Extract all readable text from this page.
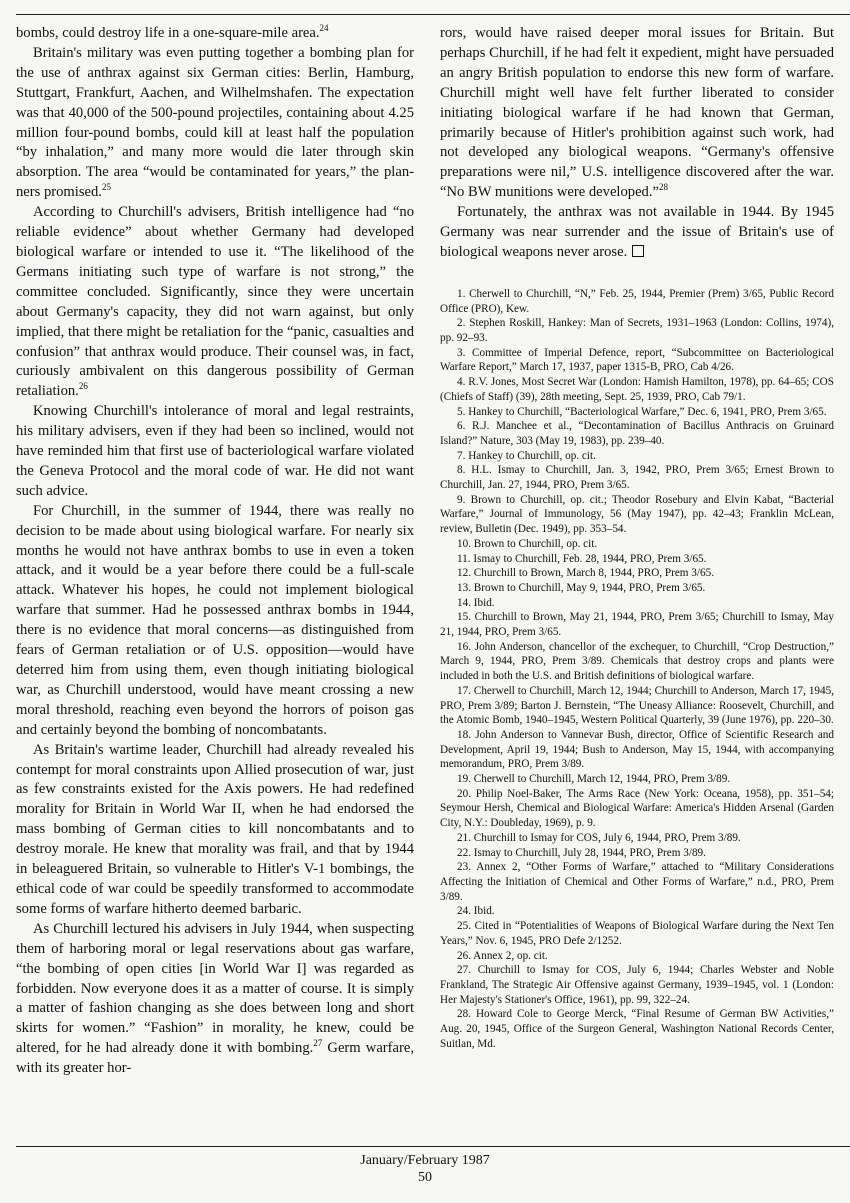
bombs, could destroy life in a one-square-mile area.$^{24}$

Britain's military was even putting together a bombing plan for the use of anthrax against six German cities: Berlin, Hamburg, Stuttgart, Frankfurt, Aachen, and Wilhelmshafen. The expectation was that 40,000 of the 500-pound projectiles, containing about 4.25 million four-pound bombs, could kill at least half the population “by inhalation,” and many more would die later through skin absorption. The area “would be contaminated for years,” the planners promised.$^{25}$

According to Churchill's advisers, British intelligence had “no reliable evidence” about whether Germany had developed biological warfare or intended to use it. “The likelihood of the Germans initiating such type of warfare is not strong,” the committee concluded. Significantly, since they were uncertain about Germany's capacity, they did not warn against, but only implied, that there might be retaliation for the “panic, casualties and confusion” that anthrax would produce. Their counsel was, in fact, curiously ambivalent on this dangerous possibility of German retaliation.$^{26}$

Knowing Churchill's intolerance of moral and legal restraints, his military advisers, even if they had been so inclined, would not have reminded him that first use of bacteriological warfare violated the Geneva Protocol and the moral code of war. He did not want such advice.

For Churchill, in the summer of 1944, there was really no decision to be made about using biological warfare. For nearly six months he would not have anthrax bombs to use in even a token attack, and it would be a year before there could be a full-scale attack. Whatever his hopes, he could not implement biological warfare that summer. Had he possessed anthrax bombs in 1944, there is no evidence that moral concerns—as distinguished from fears of German retaliation or of U.S. opposition—would have deterred him from using them, even though initiating biological war, as Churchill understood, would have meant crossing a new moral threshold, reaching even beyond the horrors of poison gas and certainly beyond the bombing of noncombatants.

As Britain's wartime leader, Churchill had already revealed his contempt for moral constraints upon Allied prosecution of war, just as few constraints existed for the Axis powers. He had redefined morality for Britain in World War II, when he had endorsed the mass bombing of German cities to kill noncombatants and to destroy morale. He knew that morality was frail, and that by 1944 in beleaguered Britain, so vulnerable to Hitler's V-1 bombings, the ethical code of war could be speedily transformed to accommodate some forms of warfare hitherto deemed barbaric.

As Churchill lectured his advisers in July 1944, when suspecting them of harboring moral or legal reservations about gas warfare, “the bombing of open cities [in World War I] was regarded as forbidden. Now everyone does it as a matter of course. It is simply a matter of fashion changing as she does between long and short skirts for women.” “Fashion” in morality, he knew, could be altered, for he had already done it with bombing.$^{27}$ Germ warfare, with its greater hor-

rors, would have raised deeper moral issues for Britain. But perhaps Churchill, if he had felt it expedient, might have persuaded an angry British population to endorse this new form of warfare. Churchill might well have felt further liberated to consider initiating biological warfare if he had known that German, primarily because of Hitler's prohibition against such work, had not developed any biological weapons. “Germany's offensive preparations were nil,” U.S. intelligence discovered after the war. “No BW munitions were developed.”$^{28}$

Fortunately, the anthrax was not available in 1944. By 1945 Germany was near surrender and the issue of Britain's use of biological weapons never arose.

1. Cherwell to Churchill, “N,” Feb. 25, 1944, Premier (Prem) 3/65, Public Record Office (PRO), Kew.

2. Stephen Roskill, Hankey: Man of Secrets, 1931–1963 (London: Collins, 1974), pp. 92–93.

3. Committee of Imperial Defence, report, “Subcommittee on Bacteriological Warfare Report,” March 17, 1937, paper 1315-B, PRO, Cab 4/26.

4. R.V. Jones, Most Secret War (London: Hamish Hamilton, 1978), pp. 64–65; COS (Chiefs of Staff) (39), 28th meeting, Sept. 25, 1939, PRO, Cab 79/1.

5. Hankey to Churchill, “Bacteriological Warfare,” Dec. 6, 1941, PRO, Prem 3/65.

6. R.J. Manchee et al., “Decontamination of Bacillus Anthracis on Gruinard Island?” Nature, 303 (May 19, 1983), pp. 239–40.

7. Hankey to Churchill, op. cit.

8. H.L. Ismay to Churchill, Jan. 3, 1942, PRO, Prem 3/65; Ernest Brown to Churchill, Jan. 27, 1944, PRO, Prem 3/65.

9. Brown to Churchill, op. cit.; Theodor Rosebury and Elvin Kabat, “Bacterial Warfare,” Journal of Immunology, 56 (May 1947), pp. 42–43; Franklin McLean, review, Bulletin (Dec. 1949), pp. 353–54.

10. Brown to Churchill, op. cit.

11. Ismay to Churchill, Feb. 28, 1944, PRO, Prem 3/65.

12. Churchill to Brown, March 8, 1944, PRO, Prem 3/65.

13. Brown to Churchill, May 9, 1944, PRO, Prem 3/65.

14. Ibid.

15. Churchill to Brown, May 21, 1944, PRO, Prem 3/65; Churchill to Ismay, May 21, 1944, PRO, Prem 3/65.

16. John Anderson, chancellor of the exchequer, to Churchill, “Crop Destruction,” March 9, 1944, PRO, Prem 3/89. Chemicals that destroy crops and plants were included in both the U.S. and British definitions of biological warfare.

17. Cherwell to Churchill, March 12, 1944; Churchill to Anderson, March 17, 1945, PRO, Prem 3/89; Barton J. Bernstein, “The Uneasy Alliance: Roosevelt, Churchill, and the Atomic Bomb, 1940–1945, Western Political Quarterly, 39 (June 1976), pp. 220–30.

18. John Anderson to Vannevar Bush, director, Office of Scientific Research and Development, April 19, 1944; Bush to Anderson, May 15, 1944, with accompanying memorandum, PRO, Prem 3/89.

19. Cherwell to Churchill, March 12, 1944, PRO, Prem 3/89.

20. Philip Noel-Baker, The Arms Race (New York: Oceana, 1958), pp. 351–54; Seymour Hersh, Chemical and Biological Warfare: America's Hidden Arsenal (Garden City, N.Y.: Doubleday, 1969), p. 9.

21. Churchill to Ismay for COS, July 6, 1944, PRO, Prem 3/89.

22. Ismay to Churchill, July 28, 1944, PRO, Prem 3/89.

23. Annex 2, “Other Forms of Warfare,” attached to “Military Considerations Affecting the Initiation of Chemical and Other Forms of Warfare,” n.d., PRO, Prem 3/89.

24. Ibid.

25. Cited in “Potentialities of Weapons of Biological Warfare during the Next Ten Years,” Nov. 6, 1945, PRO Defe 2/1252.

26. Annex 2, op. cit.

27. Churchill to Ismay for COS, July 6, 1944; Charles Webster and Noble Frankland, The Strategic Air Offensive against Germany, 1939–1945, vol. 1 (London: Her Majesty's Stationer's Office, 1961), pp. 99, 322–24.

28. Howard Cole to George Merck, “Final Resume of German BW Activities,” Aug. 20, 1945, Office of the Surgeon General, Washington National Records Center, Suitlan, Md.

January/February 1987
50
